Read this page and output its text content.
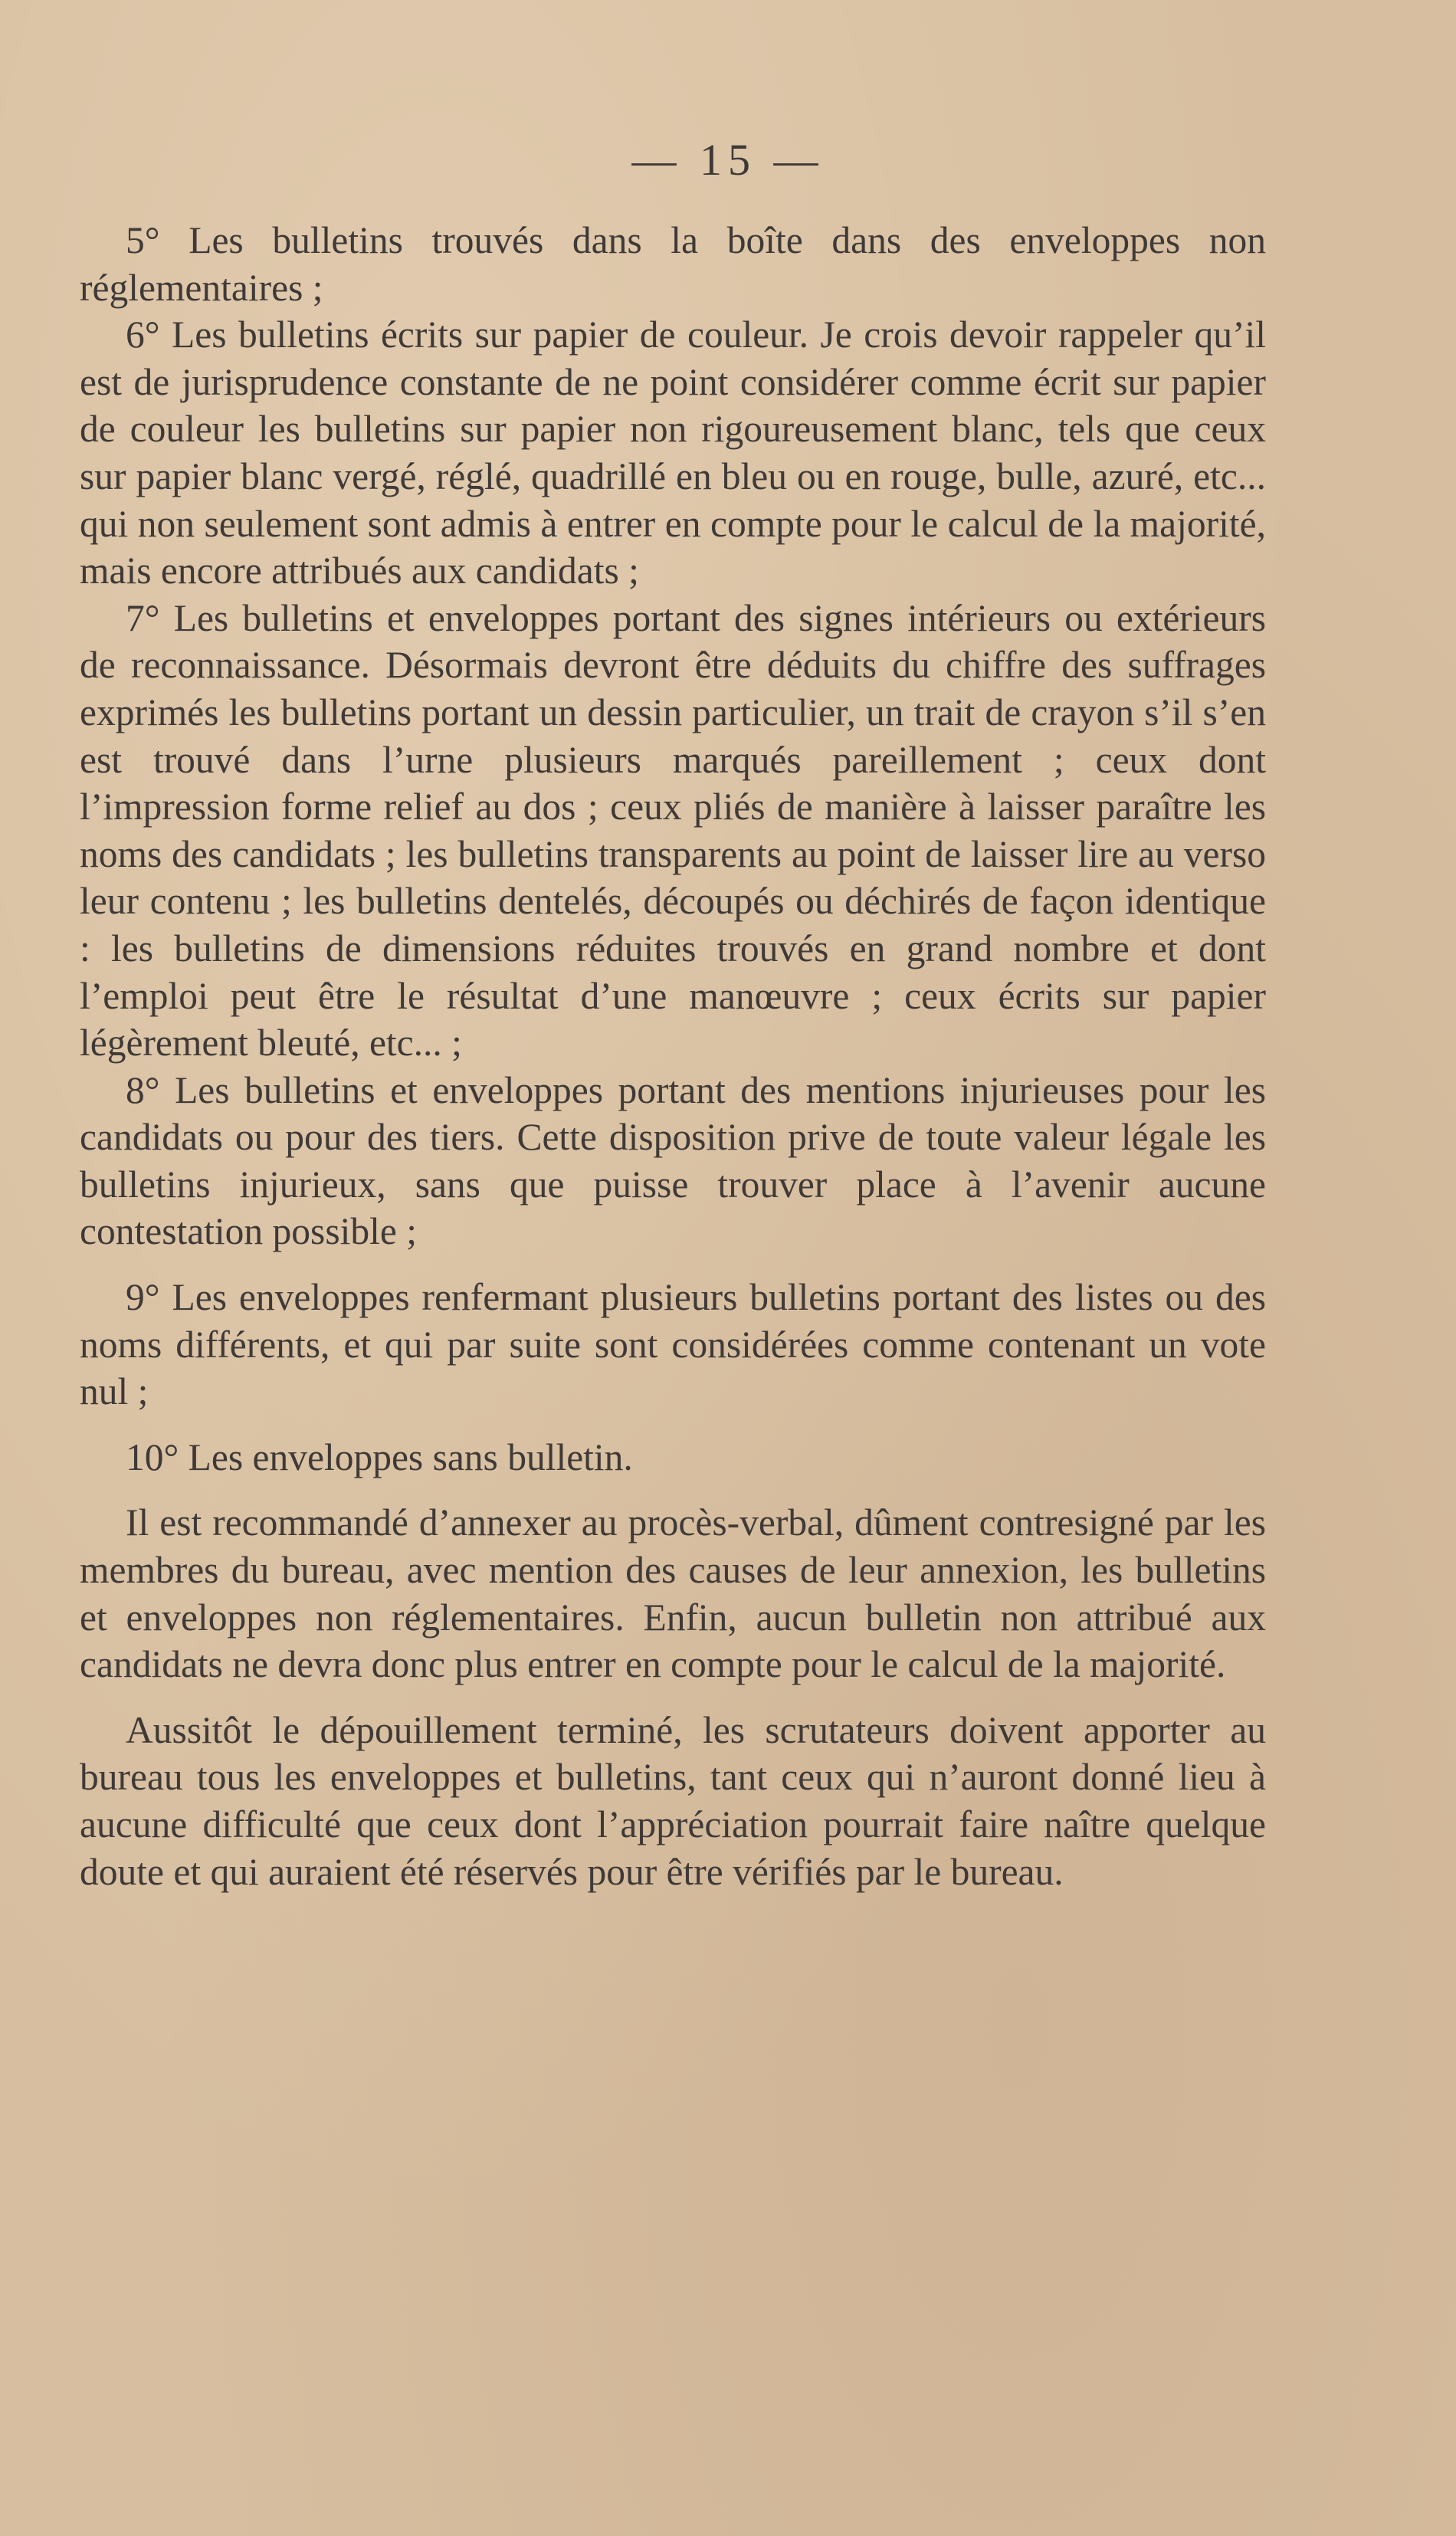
— 15 —

5° Les bulletins trouvés dans la boîte dans des enveloppes non réglementaires ;

6° Les bulletins écrits sur papier de couleur. Je crois devoir rappeler qu’il est de jurisprudence constante de ne point considérer comme écrit sur papier de couleur les bulletins sur papier non rigoureusement blanc, tels que ceux sur papier blanc vergé, réglé, quadrillé en bleu ou en rouge, bulle, azuré, etc... qui non seulement sont admis à entrer en compte pour le calcul de la majorité, mais encore attribués aux candidats ;

7° Les bulletins et enveloppes portant des signes intérieurs ou extérieurs de reconnaissance. Désormais devront être déduits du chiffre des suffrages exprimés les bulletins portant un dessin particulier, un trait de crayon s’il s’en est trouvé dans l’urne plusieurs marqués pareillement ; ceux dont l’impression forme relief au dos ; ceux pliés de manière à laisser paraître les noms des candidats ; les bulletins transparents au point de laisser lire au verso leur contenu ; les bulletins dentelés, découpés ou déchirés de façon identique : les bulletins de dimensions réduites trouvés en grand nombre et dont l’emploi peut être le résultat d’une manœuvre ; ceux écrits sur papier légèrement bleuté, etc... ;

8° Les bulletins et enveloppes portant des mentions injurieuses pour les candidats ou pour des tiers. Cette disposition prive de toute valeur légale les bulletins injurieux, sans que puisse trouver place à l’avenir aucune contestation possible ;

9° Les enveloppes renfermant plusieurs bulletins portant des listes ou des noms différents, et qui par suite sont considérées comme contenant un vote nul ;

10° Les enveloppes sans bulletin.

Il est recommandé d’annexer au procès-verbal, dûment contresigné par les membres du bureau, avec mention des causes de leur annexion, les bulletins et enveloppes non réglementaires. Enfin, aucun bulletin non attribué aux candidats ne devra donc plus entrer en compte pour le calcul de la majorité.

Aussitôt le dépouillement terminé, les scrutateurs doivent apporter au bureau tous les enveloppes et bulletins, tant ceux qui n’auront donné lieu à aucune difficulté que ceux dont l’appréciation pourrait faire naître quelque doute et qui auraient été réservés pour être vérifiés par le bureau.
